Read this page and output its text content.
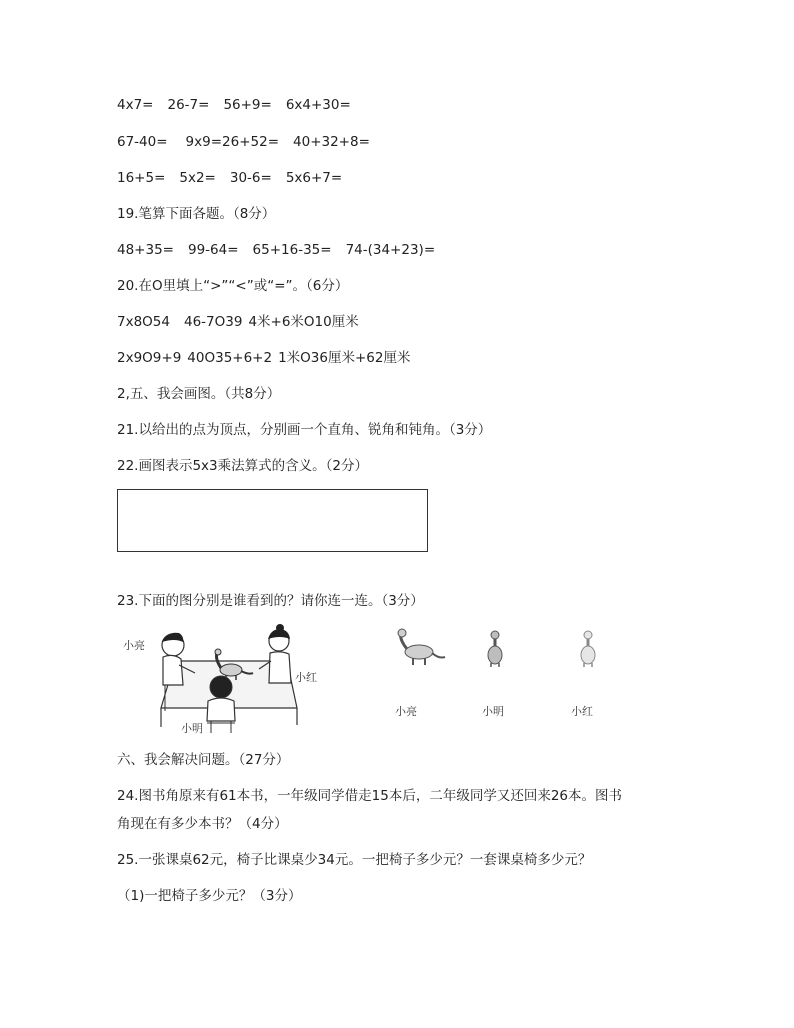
4x7= 26-7= 56+9= 6x4+30=
67-40= 9x9=26+52= 40+32+8=
16+5= 5x2= 30-6= 5x6+7=
19.笔算下面各题。（8分）
48+35= 99-64= 65+16-35= 74-(34+23)=
20.在O里填上“>”“<”或“=”。（6分）
7x8O54 46-7O39 4米+6米O10厘米
2x9O9+9 40O35+6+2 1米O36厘米+62厘米
2,五、我会画图。（共8分）
21.以给出的点为顶点，分别画一个直角、锐角和钝角。（3分）
22.画图表示5x3乘法算式的含义。（2分）
23.下面的图分别是谁看到的？请你连一连。（3分）
小亮
小红
小明
小亮	小明	小红
六、我会解决问题。（27分）
24.图书角原来有61本书，一年级同学借走15本后，二年级同学又还回来26本。图书
角现在有多少本书？（4分）
25.一张课桌62元，椅子比课桌少34元。一把椅子多少元？一套课桌椅多少元？
（1)一把椅子多少元？（3分）
